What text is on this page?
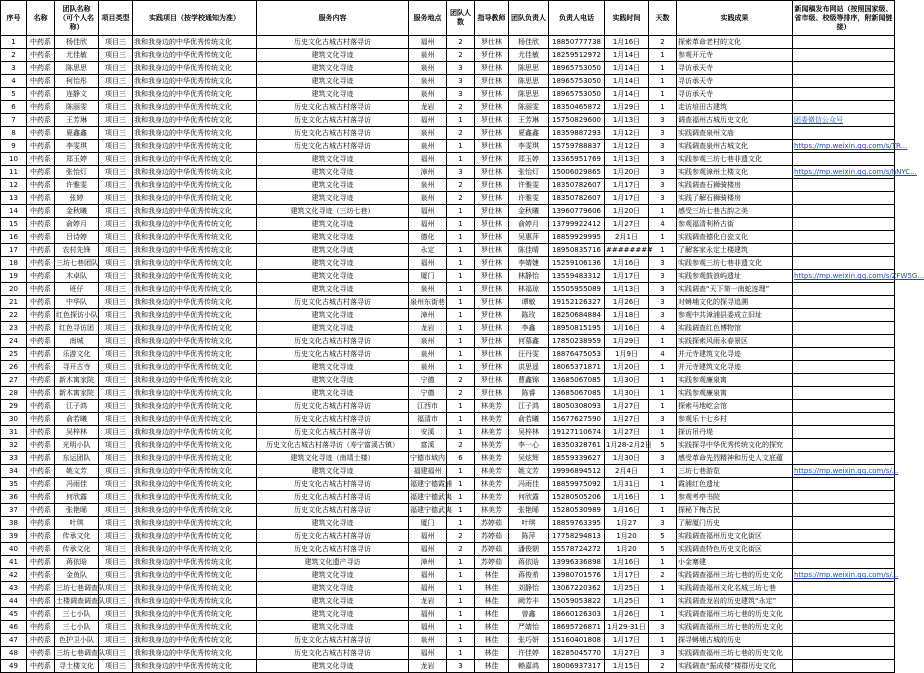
序号	名称	团队名称（可个人名称）	项目类型	实践项目（按学校通知为准）	服务内容	服务地点	团队人数	指导教师	团队负责人	负责人电话	实践时间	天数	实践成果	新闻稿发布网站（按照国家级、省市级、校级等排序，附新闻链接）
1	中药系	杨佳欣	项目三	我和我身边的中华优秀传统文化	历史文化古城古村落寻访	福州	2	罗仕林	杨佳欣	18850777738	1月16日	2	探索革命老村的文化	
2	中药系	尤佳敏	项目三	我和我身边的中华优秀传统文化	建筑文化寻迹	泉州	2	罗仕林	尤佳敏	18259512972	1月14日	1	参观开元寺	
3	中药系	陈思思	项目三	我和我身边的中华优秀传统文化	建筑文化寻迹	泉州	3	罗仕林	陈思思	18965753050	1月14日	1	寻访承天寺	
4	中药系	柯怡彤	项目三	我和我身边的中华优秀传统文化	建筑文化寻迹	泉州	3	罗仕林	陈思思	18965753050	1月14日	1	寻访承天寺	
5	中药系	连静文	项目三	我和我身边的中华优秀传统文化	建筑文化寻迹	泉州	3	罗仕林	陈思思	18965753050	1月14日	1	寻访承天寺	
6	中药系	陈丽雯	项目三	我和我身边的中华优秀传统文化	历史文化古城古村落寻访	龙岩	2	罗仕林	陈丽雯	18350465872	1月29日	1	走访培田古建筑	
7	中药系	王芳琳	项目三	我和我身边的中华优秀传统文化	历史文化古城古村落寻访	福州	1	罗仕林	王芳琳	15750829600	1月13日	3	调查福州古城历史文化	团委微信公众号
8	中药系	夏鑫鑫	项目三	我和我身边的中华优秀传统文化	历史文化古城古村落寻访	泉州	2	罗仕林	夏鑫鑫	18359887293	1月12日	3	实践调查泉州文庙	
9	中药系	李雯琪	项目三	我和我身边的中华优秀传统文化	历史文化古城古村落寻访	泉州	1	罗仕林	李雯琪	15759788837	1月12日	3	实践调查泉州古城文化	https://mp.weixin.qq.com/s/TR...
10	中药系	郑玉婷	项目三	我和我身边的中华优秀传统文化	建筑文化寻迹	福州	1	罗仕林	郑玉婷	13365951769	1月13日	3	实践参观三坊七巷非遗文化	
11	中药系	张怡灯	项目三	我和我身边的中华优秀传统文化	建筑文化寻迹	漳州	3	罗仕林	张怡灯	15006029865	1月20日	3	实践参观漳州土楼文化	https://mp.weixin.qq.com/s/hNYC...
12	中药系	许雅雯	项目三	我和我身边的中华优秀传统文化	建筑文化寻迹	泉州	2	罗仕林	许雅雯	18350782607	1月17日	3	实践调查石狮骑楼房	
13	中药系	张婷	项目三	我和我身边的中华优秀传统文化	建筑文化寻迹	泉州	2	罗仕林	许雅雯	18350782607	1月17日	3	实践了解石狮骑楼房	
14	中药系	金秋曦	项目三	我和我身边的中华优秀传统文化	建筑文化寻迹（三坊七巷）	福州	1	罗仕林	金秋曦	13960779606	1月20日	1	感受三坊七巷古韵之美	
15	中药系	俞婷月	项目三	我和我身边的中华优秀传统文化	建筑文化寻迹	福州	1	罗仕林	俞婷月	13799922412	1月27日	4	参观福清利桥古街	
16	中药系	吕诗婷	项目三	我和我身边的中华优秀传统文化	建筑文化寻迹	德化	1	罗仕林	吴惠萍	18859929995	2月1日	1	实践调查德化白瓷文化	
17	中药系	农村先锋	项目三	我和我身边的中华优秀传统文化	建筑文化寻迹	永定	1	罗仕林	陈佳晴	18950835716	########	1	了解客家永定土楼建筑	
18	中药系	三坊七巷团队	项目三	我和我身边的中华优秀传统文化	建筑文化寻迹	福州	1	罗仕林	李婧婕	15259106136	1月16日	3	实践参观三坊七巷非遗文化	
19	中药系	木卓队	项目三	我和我身边的中华优秀传统文化	建筑文化寻迹	厦门	1	罗仕林	林静怡	13559483312	1月17日	3	实践参观鼓浪屿遗址	https://mp.weixin.qq.com/s/ZFW5G...
20	中药系	班仔	项目三	我和我身边的中华优秀传统文化	建筑文化寻迹	泉州	1	罗仕林	林福琼	15505955089	1月13日	3	实践调查“天下第一南蛇连理”	
21	中药系	中华队	项目三	我和我身边的中华优秀传统文化	历史文化古城古村落寻访	泉州东街巷	1	罗仕林	谭敏	19152126327	1月26日	3	对蟳埔文化的探寻追溯	
22	中药系	红色探访小队	项目三	我和我身边的中华优秀传统文化	建筑文化寻迹	漳州	1	罗仕林	陈玫	18250684884	1月18日	3	参观中共漳浦县委成立旧址	
23	中药系	红色寻访团	项目三	我和我身边的中华优秀传统文化	建筑文化寻迹	龙岩	1	罗仕林	李鑫	18950815195	1月16日	4	实践调查红色博物馆	
24	中药系	南城	项目三	我和我身边的中华优秀传统文化	历史文化古城古村落寻访	泉州	1	罗仕林	何慕鑫	17850238959	1月29日	1	实践探索风雨永春景区	
25	中药系	乐游文化	项目三	我和我身边的中华优秀传统文化	历史文化古城古村落寻访	泉州	1	罗仕林	汪丹雯	18876475053	1月9日	4	并元寺建筑文化寻迹	
26	中药系	寻开古寺	项目三	我和我身边的中华优秀传统文化	建筑文化寻迹	泉州	1	罗仕林	洪思遥	18065371871	1月20日	1	并元寺建筑文化寻迹	
27	中药系	新木寓家院	项目三	我和我身边的中华优秀传统文化	建筑文化寻迹	宁德	2	罗仕林	曹鑫锦	13685067085	1月30日	1	实践参观廉泉寓	
28	中药系	新木寓家院	项目三	我和我身边的中华优秀传统文化	建筑文化寻迹	宁德	2	罗仕林	陈睿	13685067085	1月30日	1	实践参观廉泉寓	
29	中药系	江子鸿	项目三	我和我身边的中华优秀传统文化	历史文化古城古村落寻访	江西市	1	林美芳	江子鸿	18050308093	1月27日	1	探索马地屹会馆	
30	中药系	俞若曦	项目三	我和我身边的中华优秀传统文化	历史文化古城古村落寻访	福清市	1	林美芳	俞若曦	15677627590	1月27日	3	参观乐十七乡村	
31	中药系	吴梓林	项目三	我和我身边的中华优秀传统文化	历史文化古城古村落寻访	安溪	1	林美芳	吴梓林	19127110674	1月27日	1	探访吊丹堤	
32	中药系	光明小队	项目三	我和我身边的中华优秀传统文化	历史文化古城古村落寻访（寿宁富溪古镇）	富溪	2	林美芳	李一心	18350328761	1月28-2月2日	5	实践探寻中华优秀传统文化的探究	
33	中药系	东运团队	项目三	我和我身边的中华优秀传统文化	建筑文化寻迹（南靖土楼）	宁德市域内	6	林美芳	吴炫辉	18559339627	1月30日	3	感受革命先烈精神和历史人文底蕴	
34	中药系	姚文芳	项目三	我和我身边的中华优秀传统文化	建筑文化寻迹	福建福州	1	林美芳	姚文芳	19996894512	2月4日	1	三坊七巷游览	https://mp.weixin.qq.com/s/...
35	中药系	冯雨佳	项目三	我和我身边的中华优秀传统文化	历史文化古城古村落寻访	福建宁德霞浦	1	林美芳	冯雨佳	18859975092	1月31日	1	霞浦红色遗址	
36	中药系	何欣露	项目三	我和我身边的中华优秀传统文化	历史文化古城古村落寻访	福建宁德武夷	1	林美芳	何欣露	15280505206	1月16日	1	参观考亭书院	
37	中药系	张艳晞	项目三	我和我身边的中华优秀传统文化	历史文化古城古村落寻访	福建宁德武夷	1	林美芳	张艳晞	15280530989	1月16日	1	探秘下梅古民	
38	中药系	叶琪	项目三	我和我身边的中华优秀传统文化	建筑文化寻迹	厦门	1	苏婷茹	叶琪	18859763395	1月27	3	了解厦门历史	
39	中药系	传承文化	项目三	我和我身边的中华优秀传统文化	历史文化古城古村落寻访	福州	2	苏婷茹	陈萍	17758294813	1月20	5	实践调查福州历史文化街区	
40	中药系	传承文化	项目三	我和我身边的中华优秀传统文化	历史文化古城古村落寻访	福州	2	苏婷茹	潘俊朝	15578724272	1月20	5	实践调查特色历史文化街区	
41	中药系	蒋依晗	项目三	我和我身边的中华优秀传统文化	建筑文化遗产寻访	漳州	1	苏婷茹	蒋依晗	13996336898	1月16日	1	小金寨建	
42	中药系	金鱼队	项目三	我和我身边的中华优秀传统文化	建筑文化寻迹	福州	1	林佳	蒋俊希	13980701576	1月17日	2	实践调查福州三坊七巷的历史文化	https://mp.weixin.qq.com/s/...
43	中药系	三坊七巷调查队	项目三	我和我身边的中华优秀传统文化	建筑文化寻迹	福州	1	林佳	刘静怡	13067220362	1月25日	1	实践调查福州文化名城三坊七巷	
44	中药系	土楼调查调查队	项目三	我和我身边的中华优秀传统文化	建筑文化寻迹	龙岩	1	林佳	阙芳丰	15059053822	1月25日	1	实践调查龙岩的历史建筑“永定”	
45	中药系	三七小队	项目三	我和我身边的中华优秀传统文化	建筑文化寻迹	福州	1	林佳	曾鑫	18660126303	1月26日	1	实践调查福州三坊七巷的历史文化	
46	中药系	三七小队	项目三	我和我身边的中华优秀传统文化	建筑文化寻迹	福州	1	林佳	严婧怡	18695726871	1月29-31日	3	实践调查福州三坊七巷的历史文化	
47	中药系	色护卫小队	项目三	我和我身边的中华优秀传统文化	历史文化古城古村落寻访	泉州	1	林佳	张巧妍	15160401808	1月17日	1	探寻蟳埔古城的历史	
48	中药系	三坊七巷调查队	项目三	我和我身边的中华优秀传统文化	历史文化古城古村落寻访	福州	1	林佳	许佳婷	18285045770	1月27日	3	实践调查福州三坊七巷的历史文化	
49	中药系	寻土楼文化	项目三	我和我身边的中华优秀传统文化	建筑文化寻迹	龙岩	3	林佳	赖嘉鸿	18006937317	1月15日	2	实践调查“振成楼”楼群历史文化	
